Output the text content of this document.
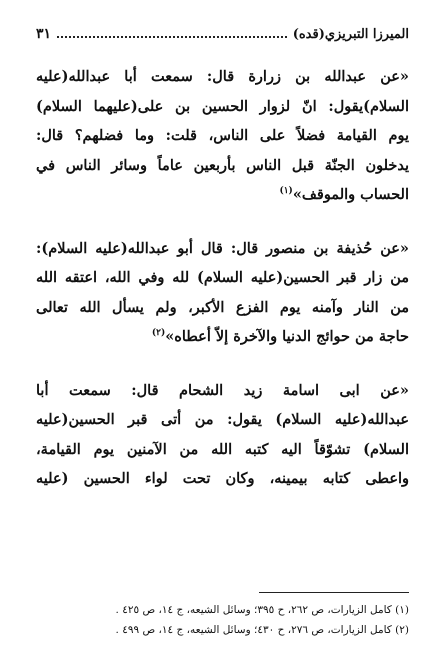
الميرزا التبريزي(قده)
٣١

«عن عبدالله بن زرارة قال: سمعت أبا عبدالله(عليه
السلام)يقول: انّ لزوار الحسين بن على(عليهما السلام)
يوم القيامة فضلاً على الناس، قلت: وما فضلهم؟ قال:
يدخلون الجنّة قبل الناس بأربعين عاماً وسائر الناس في
الحساب والموقف»$^{(١)}$

«عن حُذيفة بن منصور قال: قال أبو عبدالله(عليه السلام):
من زار قبر الحسين(عليه السلام) لله وفي الله، اعتقه الله
من النار وآمنه يوم الفزع الأكبر، ولم يسأل الله تعالى
حاجة من حوائج الدنيا والآخرة إلاّ أعطاه»$^{(٢)}$

«عن ابى اسامة زيد الشحام قال: سمعت أبا
عبدالله(عليه السلام) يقول: من أتى قبر الحسين(عليه
السلام) تشوّقاً اليه كتبه الله من الآمنين يوم القيامة،
واعطى كتابه بيمينه، وكان تحت لواء الحسين (عليه

(١) كامل الزيارات، ص ٢٦٢، ح ٣٩٥؛ وسائل الشيعه، ج ١٤، ص ٤٢٥ .
(٢) كامل الزيارات، ص ٢٧٦، ح ٤٣٠؛ وسائل الشيعه، ج ١٤، ص ٤٩٩ .
